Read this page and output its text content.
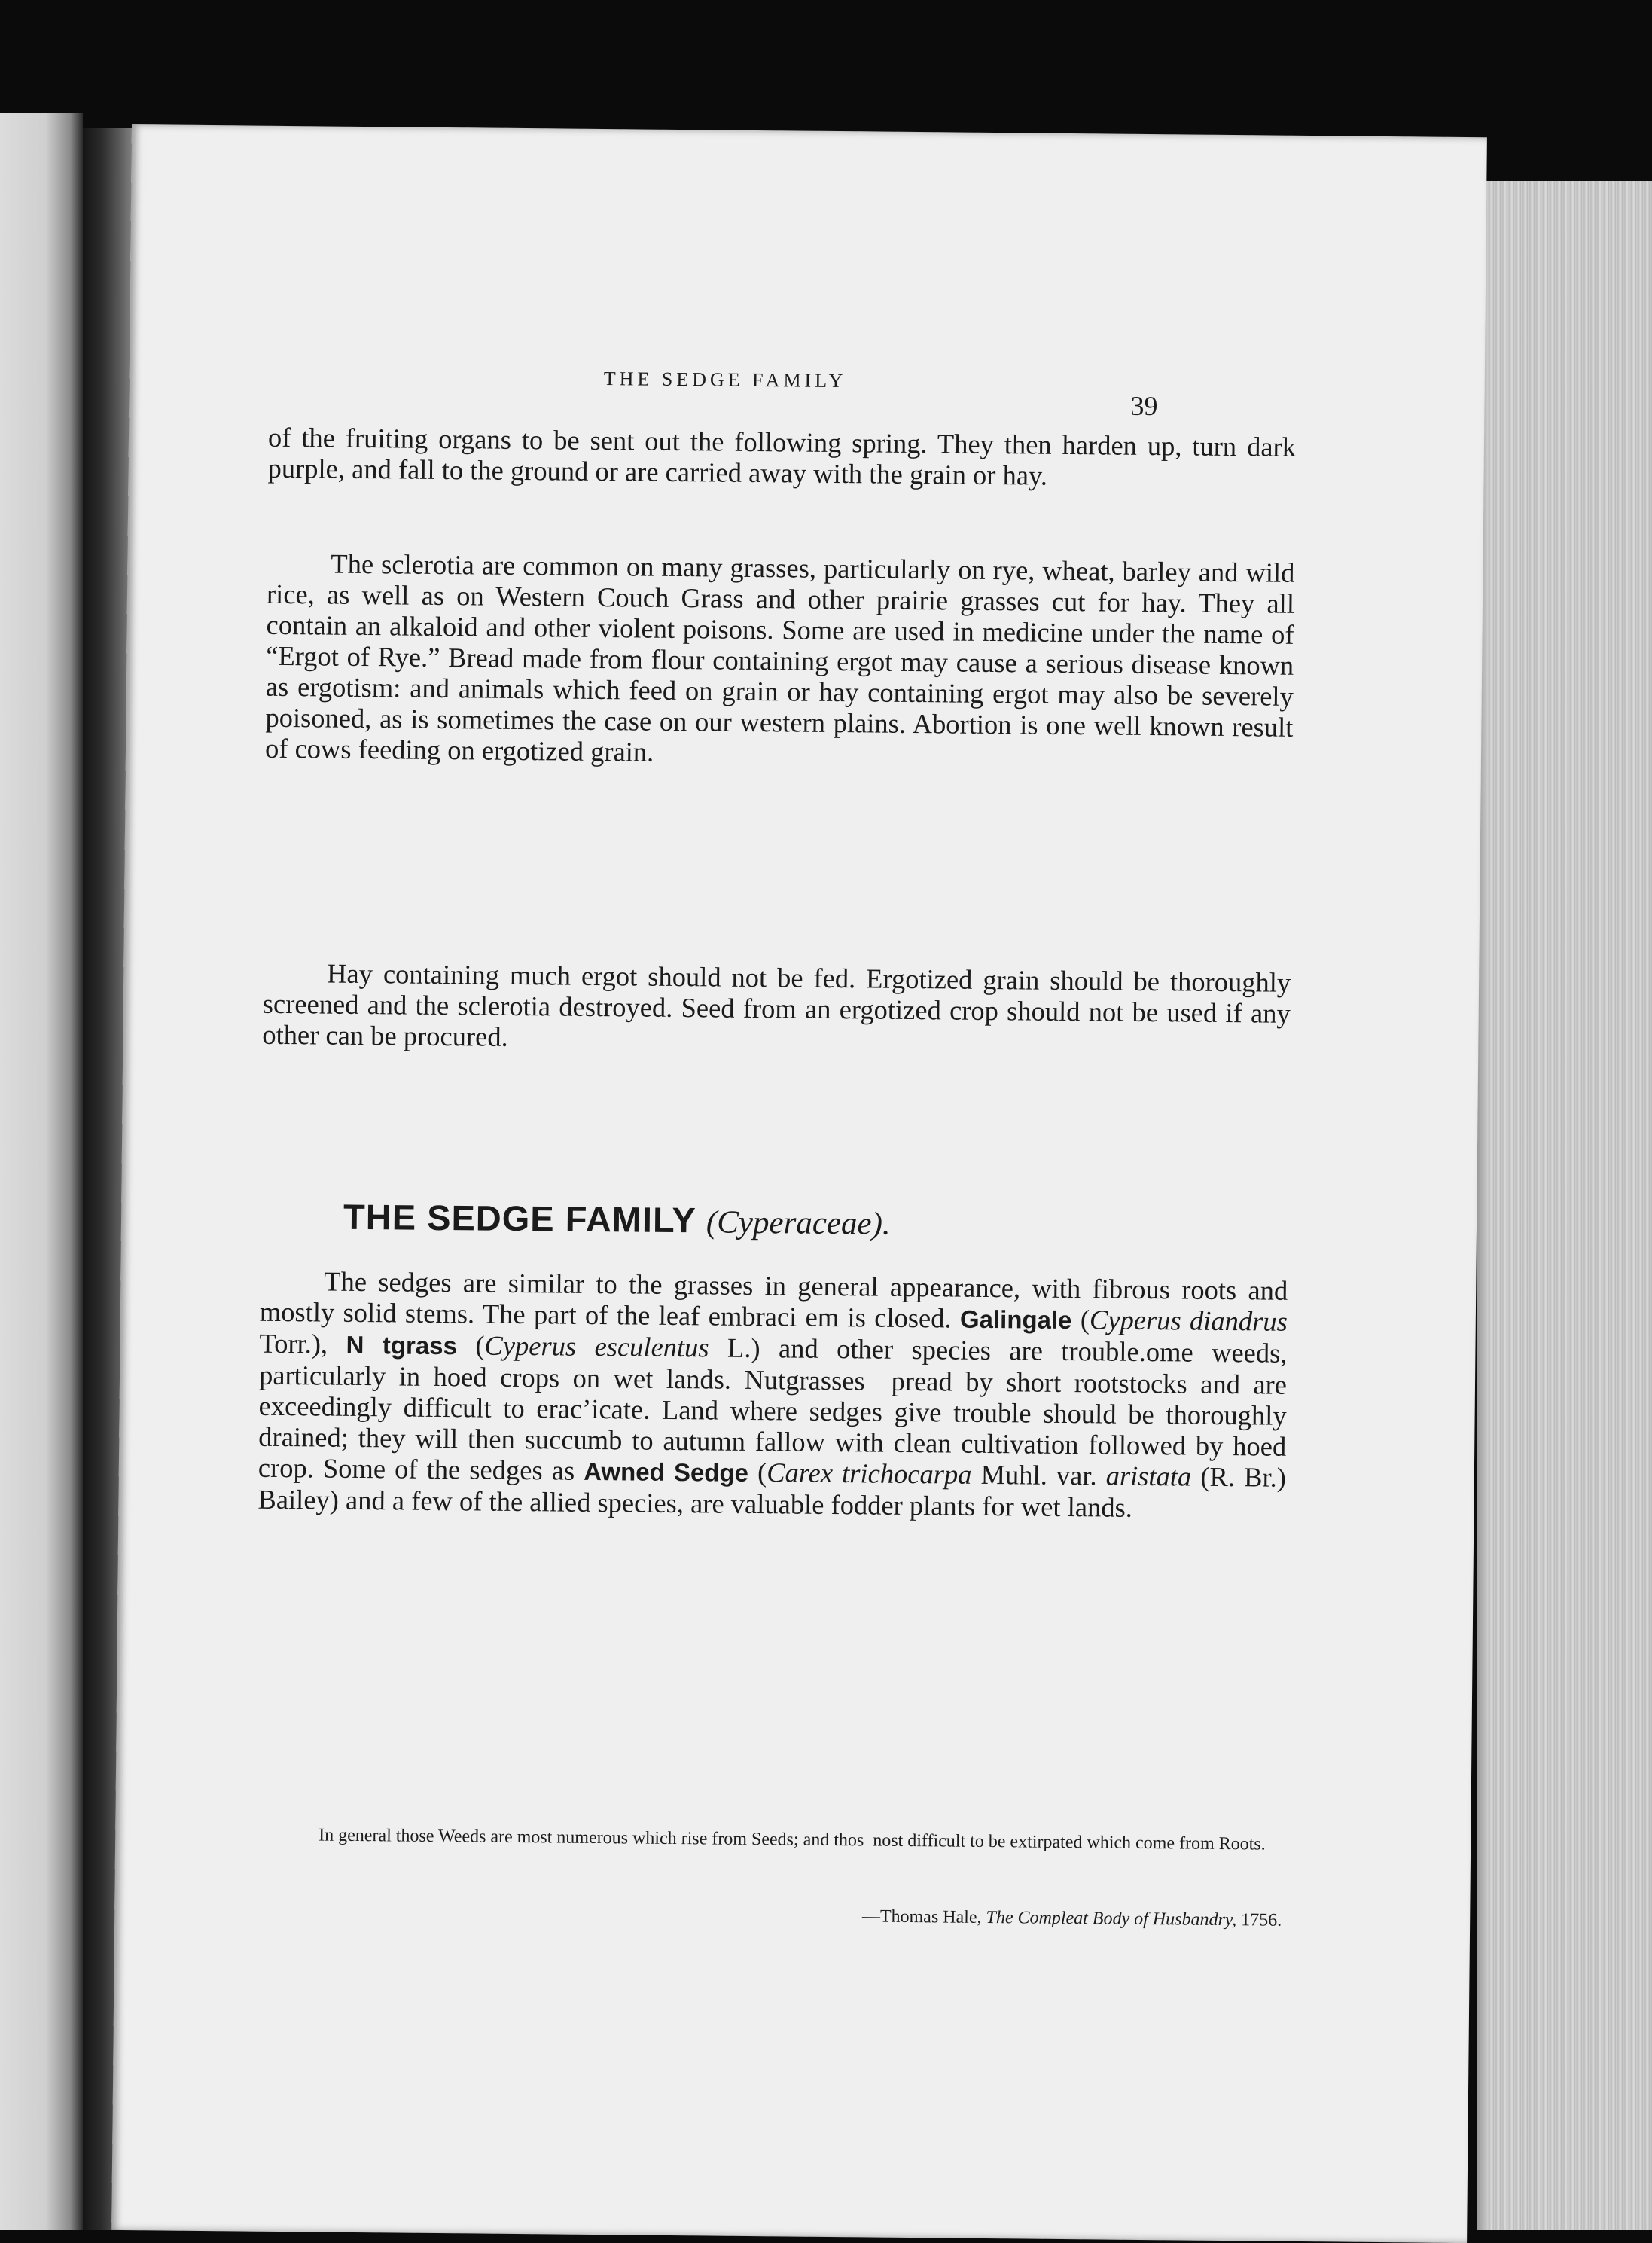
THE SEDGE FAMILY
39

of the fruiting organs to be sent out the following spring. They then harden up, turn dark purple, and fall to the ground or are carried away with the grain or hay.

The sclerotia are common on many grasses, particularly on rye, wheat, barley and wild rice, as well as on Western Couch Grass and other prairie grasses cut for hay. They all contain an alkaloid and other violent poisons. Some are used in medicine under the name of “Ergot of Rye.” Bread made from flour containing ergot may cause a serious disease known as ergotism: and animals which feed on grain or hay containing ergot may also be severely poisoned, as is sometimes the case on our western plains. Abortion is one well known result of cows feeding on ergotized grain.

Hay containing much ergot should not be fed. Ergotized grain should be thoroughly screened and the sclerotia destroyed. Seed from an ergotized crop should not be used if any other can be procured.

THE SEDGE FAMILY (Cyperaceae).

The sedges are similar to the grasses in general appearance, with fibrous roots and mostly solid stems. The part of the leaf embraci em is closed. Galingale (Cyperus diandrus Torr.), N tgrass (Cyperus esculentus L.) and other species are trouble.ome weeds, particularly in hoed crops on wet lands. Nutgrasses  pread by short rootstocks and are exceedingly difficult to erac’icate. Land where sedges give trouble should be thoroughly drained; they will then succumb to autumn fallow with clean cultivation followed by hoed crop. Some of the sedges as Awned Sedge (Carex trichocarpa Muhl. var. aristata (R. Br.) Bailey) and a few of the allied species, are valuable fodder plants for wet lands.

In general those Weeds are most numerous which rise from Seeds; and thos  nost difficult to be extirpated which come from Roots.

—Thomas Hale, The Compleat Body of Husbandry, 1756.
